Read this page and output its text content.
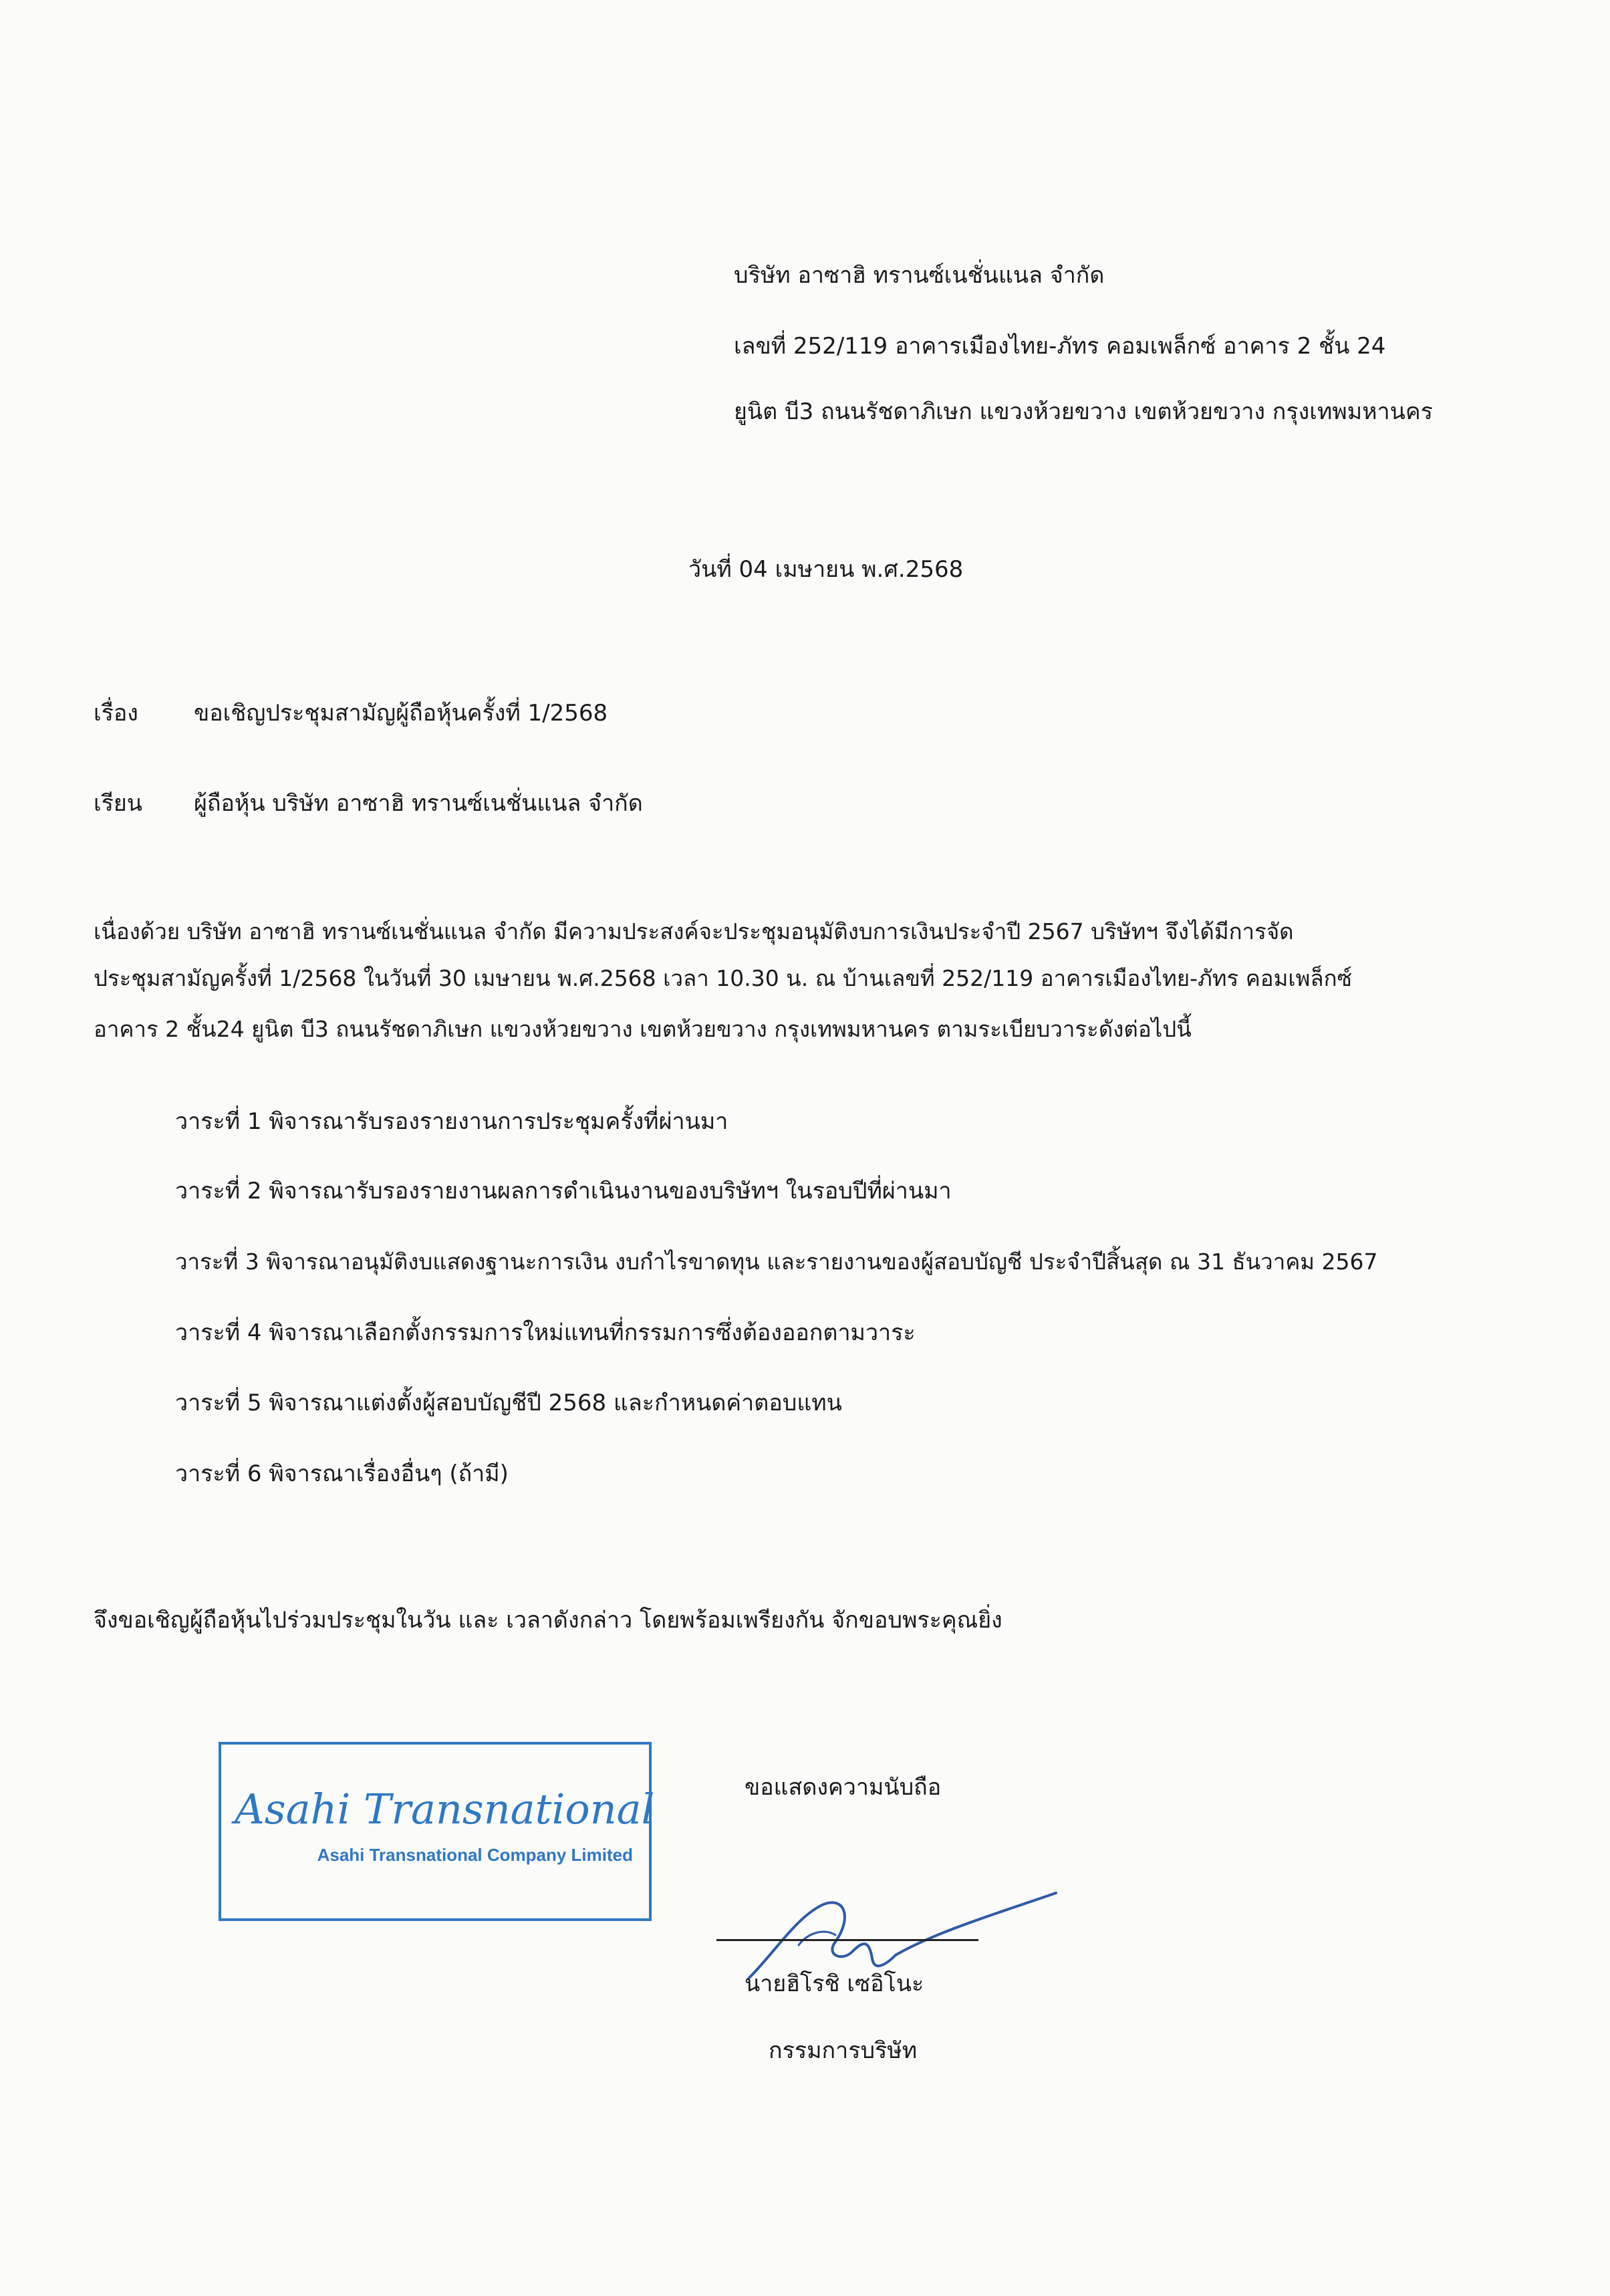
บริษัท อาซาฮิ ทรานซ์เนชั่นแนล จำกัด
เลขที่ 252/119 อาคารเมืองไทย-ภัทร คอมเพล็กซ์ อาคาร 2 ชั้น 24
ยูนิต บี3 ถนนรัชดาภิเษก แขวงห้วยขวาง เขตห้วยขวาง กรุงเทพมหานคร
วันที่ 04 เมษายน พ.ศ.2568
เรื่อง ขอเชิญประชุมสามัญผู้ถือหุ้นครั้งที่ 1/2568
เรียน ผู้ถือหุ้น บริษัท อาซาฮิ ทรานซ์เนชั่นแนล จำกัด
เนื่องด้วย บริษัท อาซาฮิ ทรานซ์เนชั่นแนล จำกัด มีความประสงค์จะประชุมอนุมัติงบการเงินประจำปี 2567 บริษัทฯ จึงได้มีการจัด
ประชุมสามัญครั้งที่ 1/2568 ในวันที่ 30 เมษายน พ.ศ.2568 เวลา 10.30 น. ณ บ้านเลขที่ 252/119 อาคารเมืองไทย-ภัทร คอมเพล็กซ์
อาคาร 2 ชั้น24 ยูนิต บี3 ถนนรัชดาภิเษก แขวงห้วยขวาง เขตห้วยขวาง กรุงเทพมหานคร ตามระเบียบวาระดังต่อไปนี้
วาระที่ 1 พิจารณารับรองรายงานการประชุมครั้งที่ผ่านมา
วาระที่ 2 พิจารณารับรองรายงานผลการดำเนินงานของบริษัทฯ ในรอบปีที่ผ่านมา
วาระที่ 3 พิจารณาอนุมัติงบแสดงฐานะการเงิน งบกำไรขาดทุน และรายงานของผู้สอบบัญชี ประจำปีสิ้นสุด ณ 31 ธันวาคม 2567
วาระที่ 4 พิจารณาเลือกตั้งกรรมการใหม่แทนที่กรรมการซึ่งต้องออกตามวาระ
วาระที่ 5 พิจารณาแต่งตั้งผู้สอบบัญชีปี 2568 และกำหนดค่าตอบแทน
วาระที่ 6 พิจารณาเรื่องอื่นๆ (ถ้ามี)
จึงขอเชิญผู้ถือหุ้นไปร่วมประชุมในวัน และ เวลาดังกล่าว โดยพร้อมเพรียงกัน จักขอบพระคุณยิ่ง
Asahi Transnational
Asahi Transnational Company Limited
ขอแสดงความนับถือ
นายฮิโรชิ เซอิโนะ
กรรมการบริษัท
